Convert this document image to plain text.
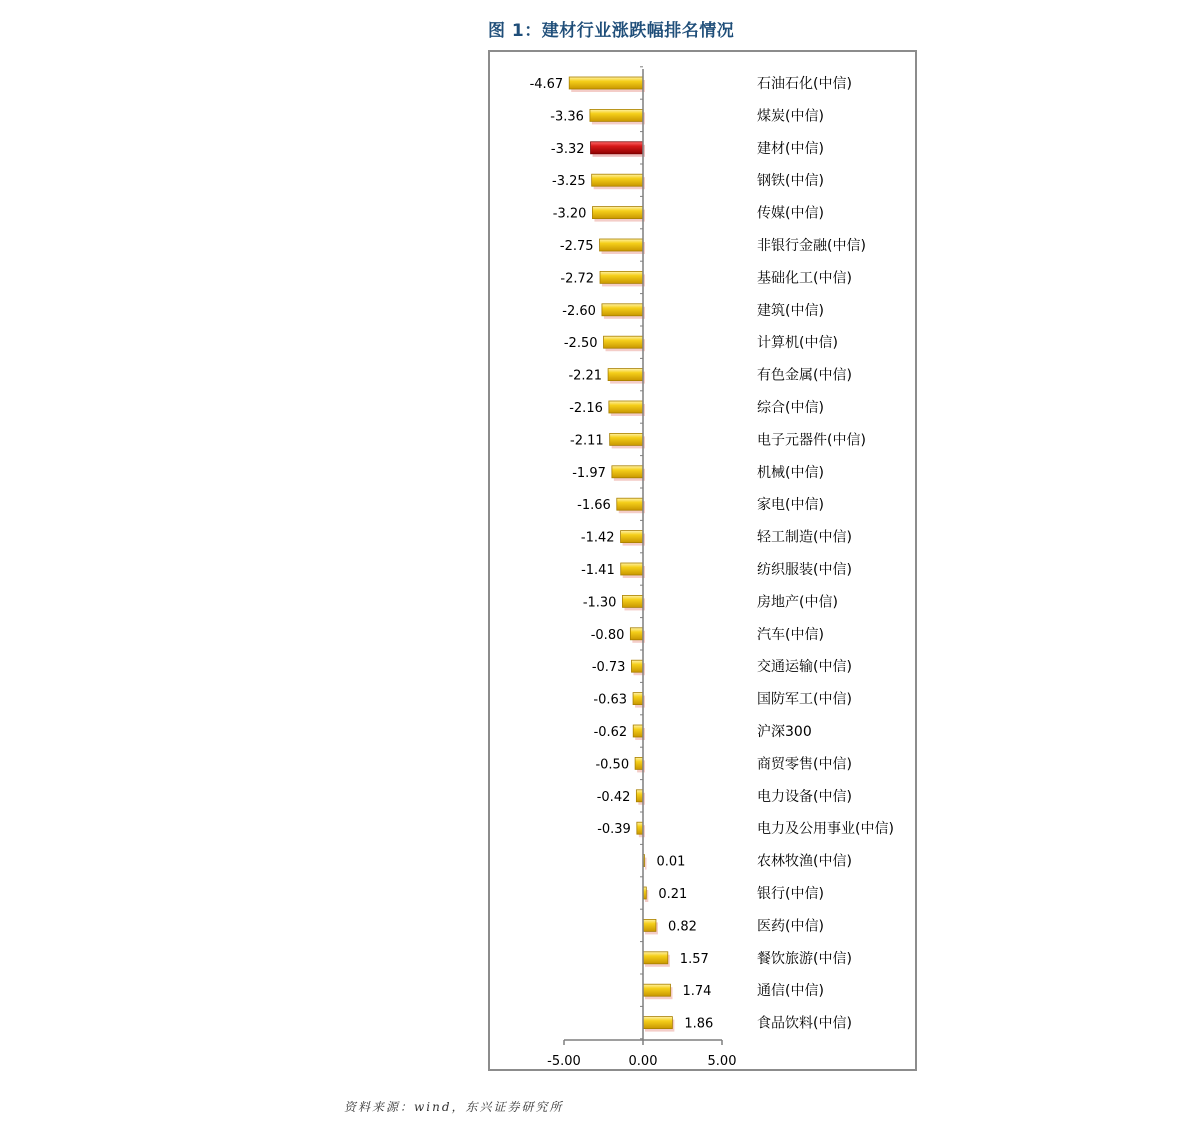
图 1：建材行业涨跌幅排名情况
-4.67	石油石化(中信)
-3.36	煤炭(中信)
-3.32	建材(中信)
-3.25	钢铁(中信)
-3.20	传媒(中信)
-2.75	非银行金融(中信)
-2.72	基础化工(中信)
-2.60	建筑(中信)
-2.50	计算机(中信)
-2.21	有色金属(中信)
-2.16	综合(中信)
-2.11	电子元器件(中信)
-1.97	机械(中信)
-1.66	家电(中信)
-1.42	轻工制造(中信)
-1.41	纺织服装(中信)
-1.30	房地产(中信)
-0.80	汽车(中信)
-0.73	交通运输(中信)
-0.63	国防军工(中信)
-0.62	沪深300
-0.50	商贸零售(中信)
-0.42	电力设备(中信)
-0.39	电力及公用事业(中信)
0.01	农林牧渔(中信)
0.21	银行(中信)
0.82	医药(中信)
1.57	餐饮旅游(中信)
1.74	通信(中信)
1.86	食品饮料(中信)
-5.00	0.00	5.00
资料来源：wind，东兴证券研究所
